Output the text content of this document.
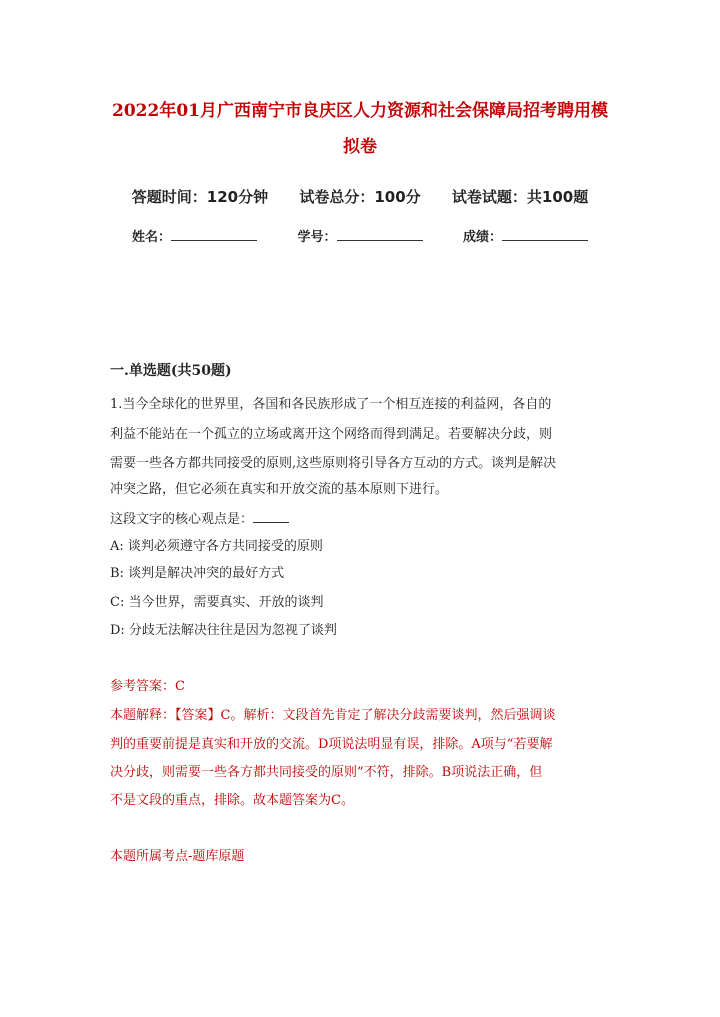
2022年01月广西南宁市良庆区人力资源和社会保障局招考聘用模
拟卷
答题时间：120分钟 试卷总分：100分 试卷试题：共100题
姓名：	学号：	成绩：
一.单选题(共50题)
1.当今全球化的世界里，各国和各民族形成了一个相互连接的利益网，各自的
利益不能站在一个孤立的立场或离开这个网络而得到满足。若要解决分歧，则
需要一些各方都共同接受的原则,这些原则将引导各方互动的方式。谈判是解决
冲突之路，但它必须在真实和开放交流的基本原则下进行。
这段文字的核心观点是：
A: 谈判必须遵守各方共同接受的原则
B: 谈判是解决冲突的最好方式
C: 当今世界，需要真实、开放的谈判
D: 分歧无法解决往往是因为忽视了谈判
参考答案：C
本题解释：【答案】C。解析：文段首先肯定了解决分歧需要谈判，然后强调谈
判的重要前提是真实和开放的交流。D项说法明显有误，排除。A项与“若要解
决分歧，则需要一些各方都共同接受的原则”不符，排除。B项说法正确，但
不是文段的重点，排除。故本题答案为C。
本题所属考点-题库原题
